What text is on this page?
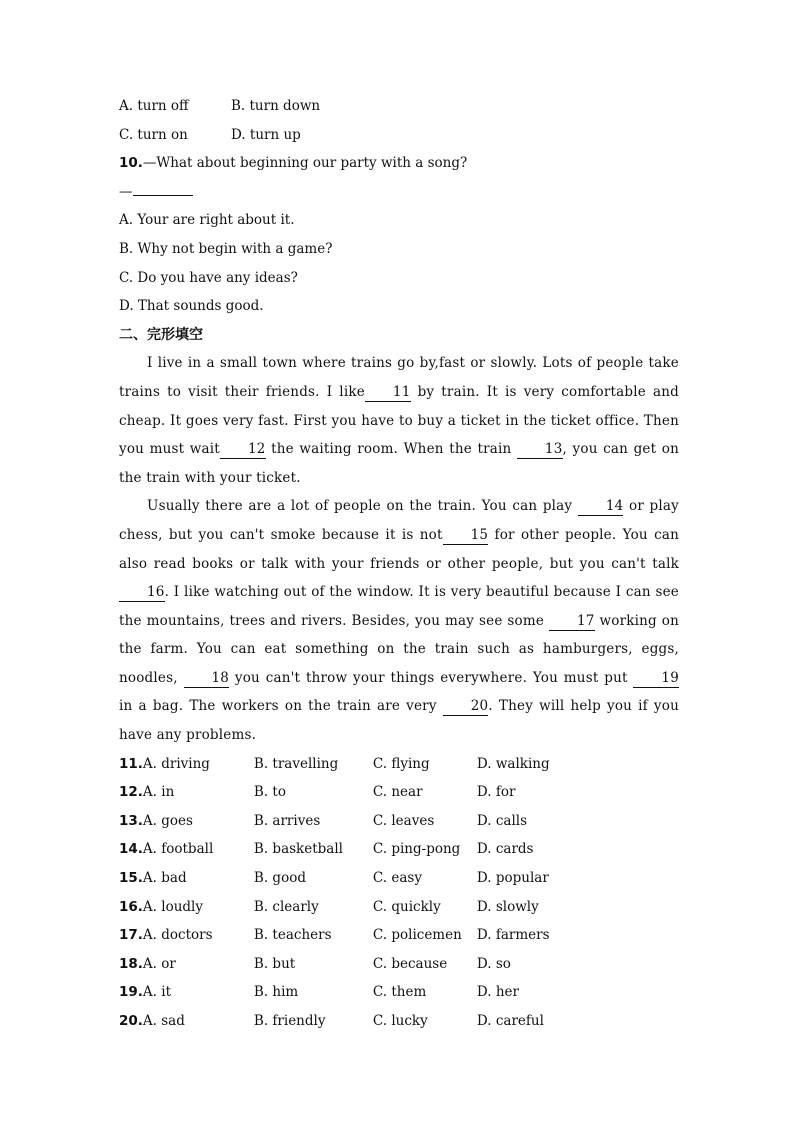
A. turn off	B. turn down
C. turn on	D. turn up
10.—What about beginning our party with a song?
—
A. Your are right about it.
B. Why not begin with a game?
C. Do you have any ideas?
D. That sounds good.
二、完形填空

I live in a small town where trains go by,fast or slowly. Lots of people take trains to visit their friends. I like 11 by train. It is very comfortable and cheap. It goes very fast. First you have to buy a ticket in the ticket office. Then you must wait 12 the waiting room. When the train 13, you can get on the train with your ticket.

Usually there are a lot of people on the train. You can play 14 or play chess, but you can't smoke because it is not 15 for other people. You can also read books or talk with your friends or other people, but you can't talk 16. I like watching out of the window. It is very beautiful because I can see the mountains, trees and rivers. Besides, you may see some 17 working on the farm. You can eat something on the train such as hamburgers, eggs, noodles, 18 you can't throw your things everywhere. You must put 19 in a bag. The workers on the train are very 20. They will help you if you have any problems.

11.A. driving	B. travelling	C. flying	D. walking
12.A. in	B. to	C. near	D. for
13.A. goes	B. arrives	C. leaves	D. calls
14.A. football	B. basketball C. ping-pong D. cards
15.A. bad	B. good	C. easy	D. popular
16.A. loudly	B. clearly	C. quickly	D. slowly
17.A. doctors	B. teachers	C. policemen D. farmers
18.A. or	B. but	C. because D. so
19.A. it	B. him	C. them	D. her
20.A. sad	B. friendly	C. lucky	D. careful
